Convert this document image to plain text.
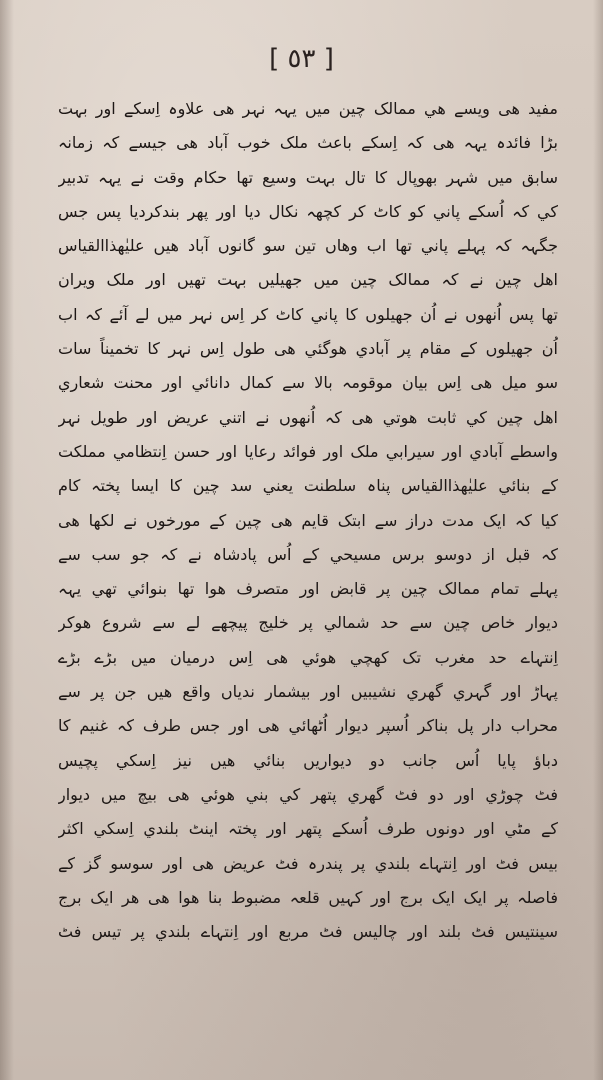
[ ٥٣ ]
مفید هی ویسے هي ممالک چین میں یہہ نہر هی علاوہ اِسکے اور بہت
بڑا فائدہ یہہ هی کہ اِسکے باعث ملک خوب آباد هی جیسے کہ زمانہ
سابق میں شہر بهوپال کا تال بہت وسیع تھا حکام وقت نے یہہ تدبیر
کي کہ اُسکے پاني کو کاٹ کر کچهہ نکال دیا اور پهر بندکردیا پس جس
جگہہ کہ پہلے پاني تھا اب وهاں تین سو گانوں آباد هیں علیٰهذاالقیاس
اهل چین نے کہ ممالک چین میں جهیلیں بہت تهیں اور ملک ویران
تها پس اُنهوں نے اُن جهیلوں کا پاني کاٹ کر اِس نہر میں لے آئے کہ اب
اُن جهیلوں کے مقام پر آبادي هوگئي هی طول اِس نہر کا تخمیناً سات
سو میل هی اِس بیان موقومہ بالا سے کمال دانائي اور محنت شعاري
اهل چین کي ثابت هوتي هی کہ اُنهوں نے اتني عریض اور طویل نہر
واسطے آبادي اور سیرابي ملک اور فوائد رعایا اور حسن اِنتظامي مملکت
کے بنائي علیٰهذاالقیاس پناہ سلطنت یعني سد چین کا ایسا پختہ کام
کیا کہ ایک مدت دراز سے ابتک قایم هی چین کے مورخوں نے لکها هی
کہ قبل از دوسو برس مسیحي کے اُس پادشاہ نے کہ جو سب سے
پہلے تمام ممالک چین پر قابض اور متصرف هوا تها بنوائي تهي یہہ
دیوار خاص چین سے حد شمالي پر خلیج پیچهے لے سے شروع هوکر
اِنتہاے حد مغرب تک کهچي هوئي هی اِس درمیان میں بڑے بڑے
پہاڑ اور گہري گهري نشیبیں اور بیشمار ندیاں واقع هیں جن پر سے
محراب دار پل بناکر اُسپر دیوار اُٹهائي هی اور جس طرف کہ غنیم کا
دباؤ پایا اُس جانب دو دیواریں بنائي هیں نیز اِسکي پچیس
فٹ چوڑي اور دو فٹ گهري پتهر کي بني هوئي هی بیچ میں دیوار
کے مٹي اور دونوں طرف اُسکے پتهر اور پختہ اینٹ بلندي اِسکي اکثر
بیس فٹ اور اِنتہاے بلندي پر پندرہ فٹ عریض هی اور سوسو گز کے
فاصلہ پر ایک ایک برج اور کہیں قلعہ مضبوط بنا هوا هی هر ایک برج
سینتیس فٹ بلند اور چالیس فٹ مربع اور اِنتہاے بلندي پر تیس فٹ
